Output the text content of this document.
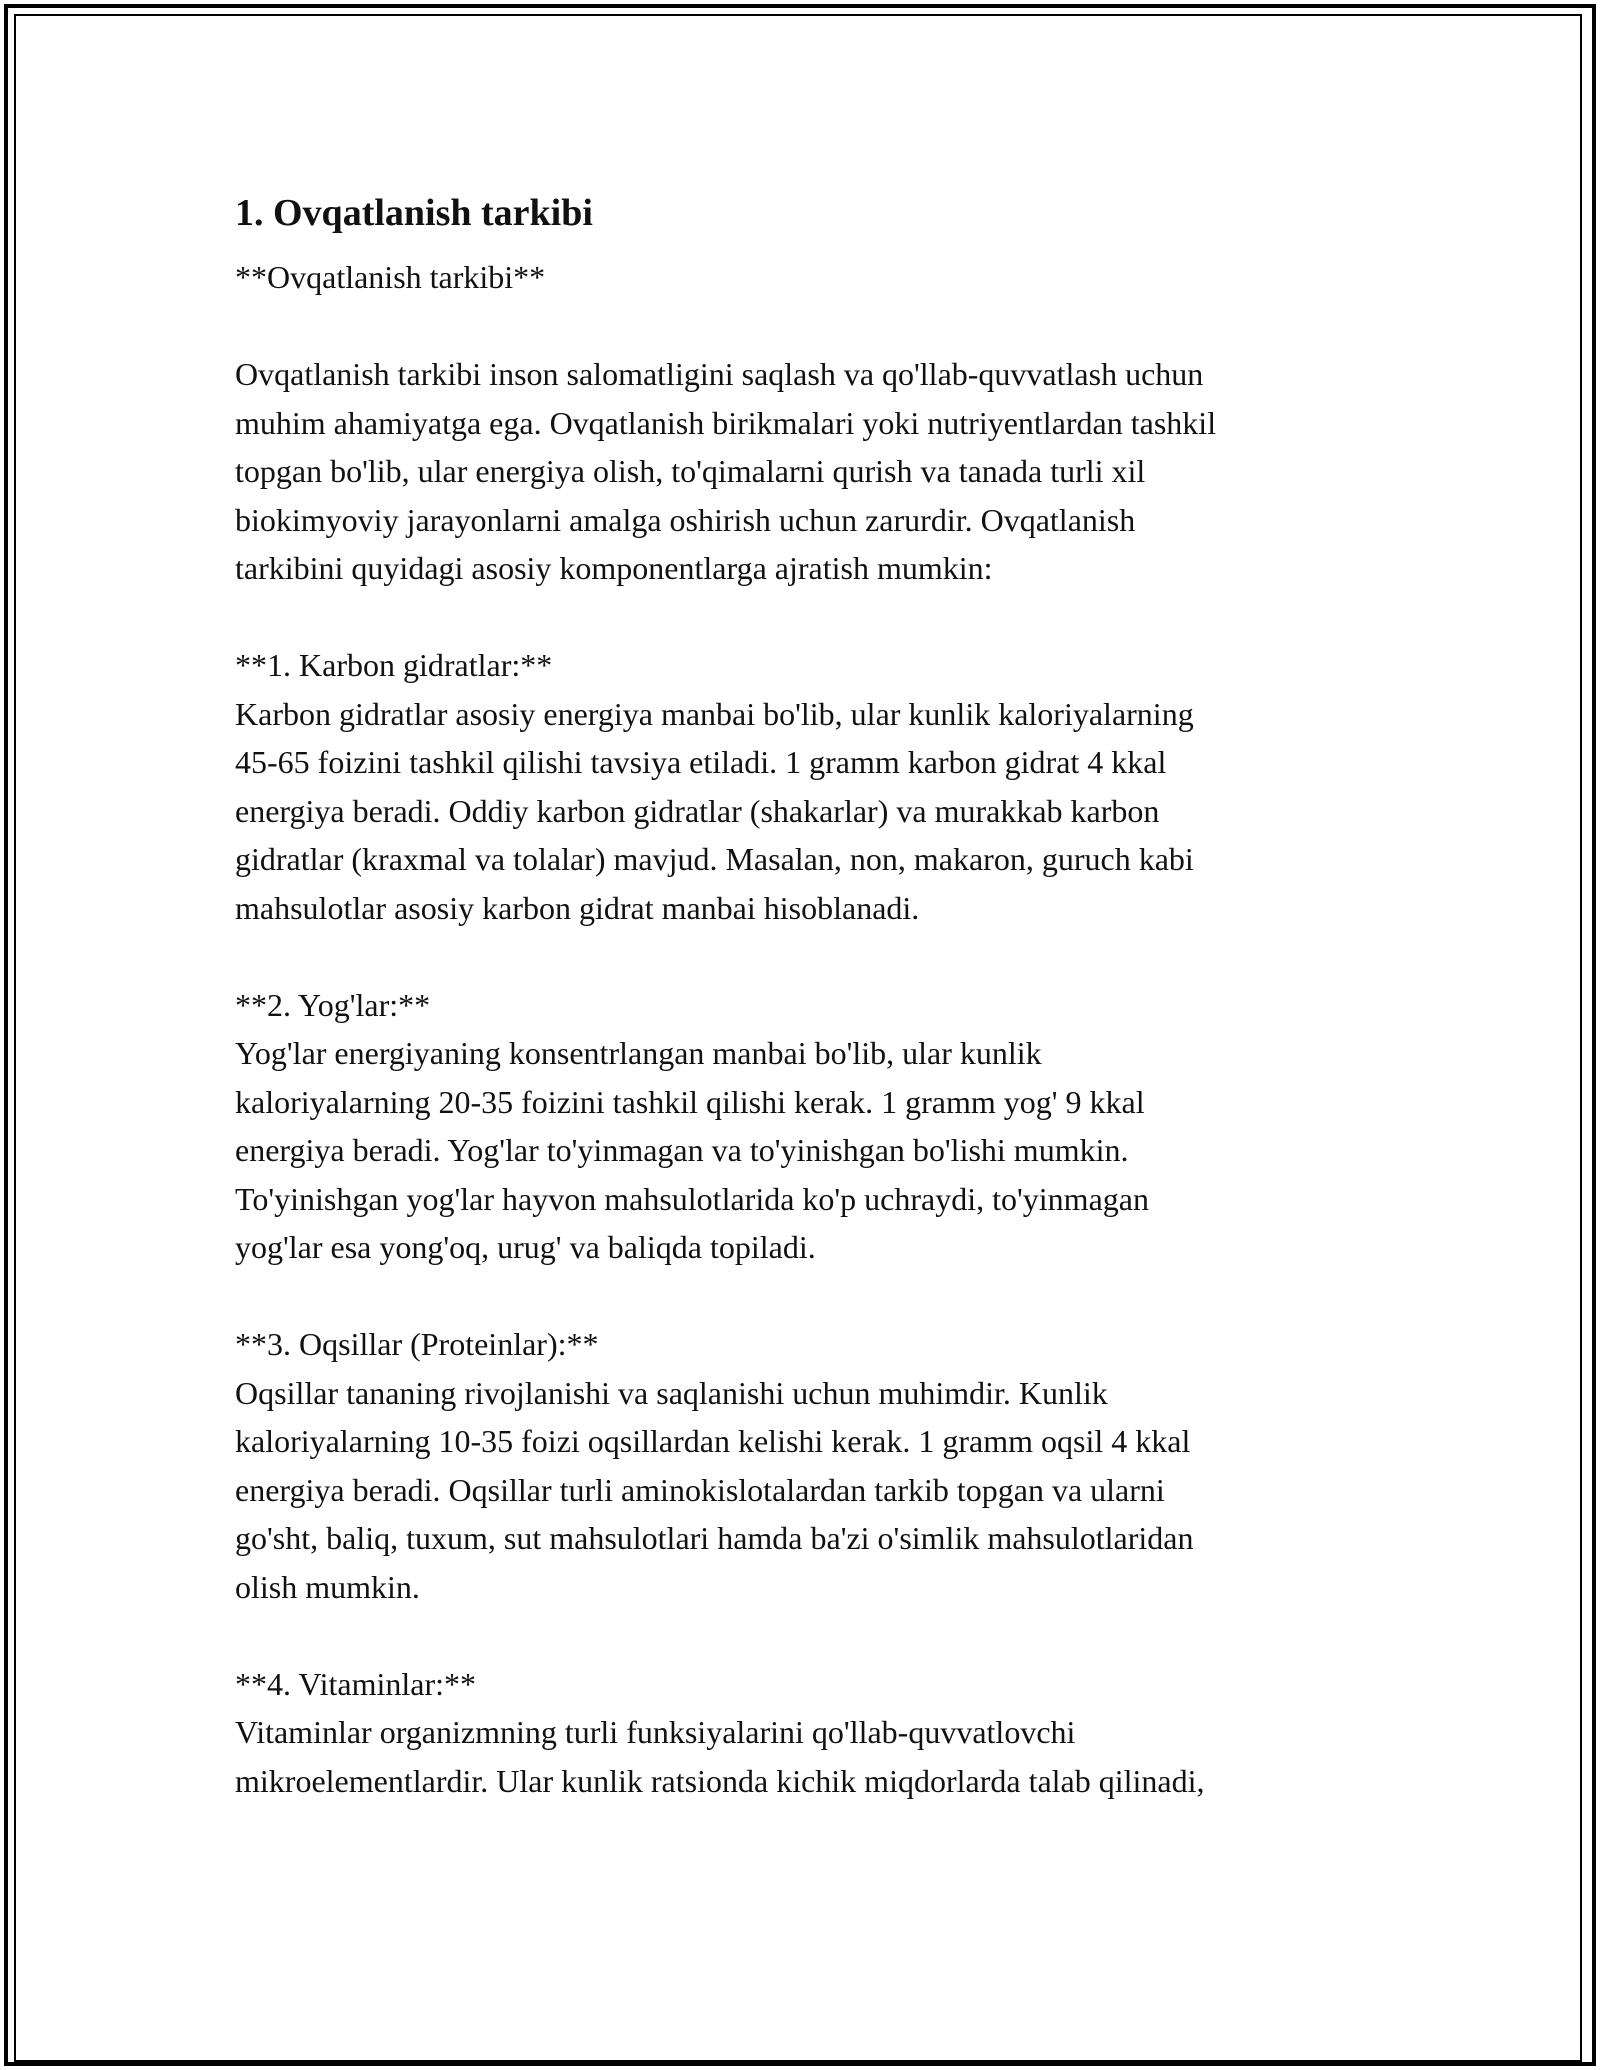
1. Ovqatlanish tarkibi

**Ovqatlanish tarkibi**

Ovqatlanish tarkibi inson salomatligini saqlash va qo'llab-quvvatlash uchun
muhim ahamiyatga ega. Ovqatlanish birikmalari yoki nutriyentlardan tashkil
topgan bo'lib, ular energiya olish, to'qimalarni qurish va tanada turli xil
biokimyoviy jarayonlarni amalga oshirish uchun zarurdir. Ovqatlanish
tarkibini quyidagi asosiy komponentlarga ajratish mumkin:

**1. Karbon gidratlar:**
Karbon gidratlar asosiy energiya manbai bo'lib, ular kunlik kaloriyalarning
45-65 foizini tashkil qilishi tavsiya etiladi. 1 gramm karbon gidrat 4 kkal
energiya beradi. Oddiy karbon gidratlar (shakarlar) va murakkab karbon
gidratlar (kraxmal va tolalar) mavjud. Masalan, non, makaron, guruch kabi
mahsulotlar asosiy karbon gidrat manbai hisoblanadi.
**2. Yog'lar:**
Yog'lar energiyaning konsentrlangan manbai bo'lib, ular kunlik
kaloriyalarning 20-35 foizini tashkil qilishi kerak. 1 gramm yog' 9 kkal
energiya beradi. Yog'lar to'yinmagan va to'yinishgan bo'lishi mumkin.
To'yinishgan yog'lar hayvon mahsulotlarida ko'p uchraydi, to'yinmagan
yog'lar esa yong'oq, urug' va baliqda topiladi.
**3. Oqsillar (Proteinlar):**
Oqsillar tananing rivojlanishi va saqlanishi uchun muhimdir. Kunlik
kaloriyalarning 10-35 foizi oqsillardan kelishi kerak. 1 gramm oqsil 4 kkal
energiya beradi. Oqsillar turli aminokislotalardan tarkib topgan va ularni
go'sht, baliq, tuxum, sut mahsulotlari hamda ba'zi o'simlik mahsulotlaridan
olish mumkin.
**4. Vitaminlar:**
Vitaminlar organizmning turli funksiyalarini qo'llab-quvvatlovchi
mikroelementlardir. Ular kunlik ratsionda kichik miqdorlarda talab qilinadi,
